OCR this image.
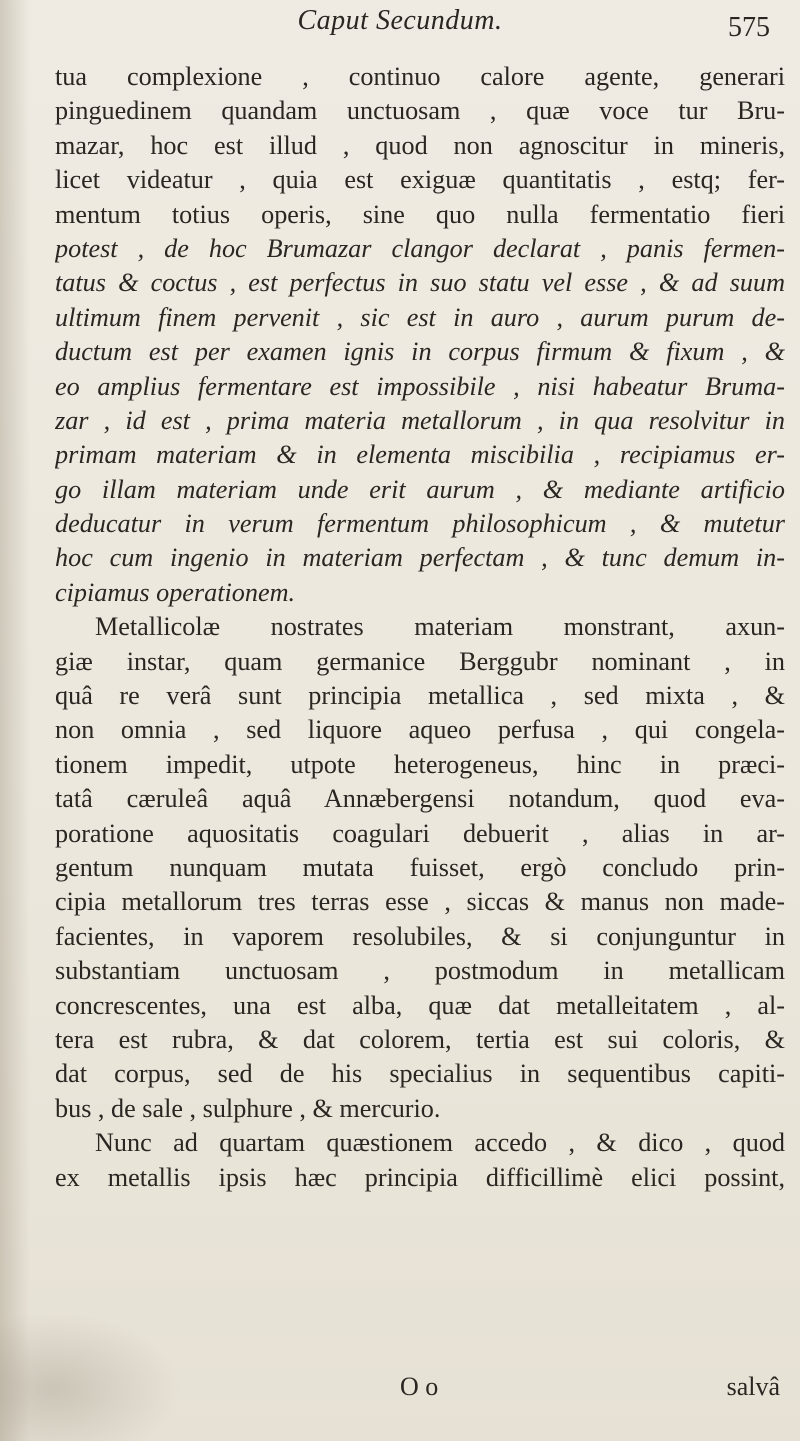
Caput Secundum.	575
tua complexione , continuo calore agente, generari
pinguedinem quandam unctuosam , quæ voce tur Bru-
mazar, hoc est illud , quod non agnoscitur in mineris,
licet videatur , quia est exiguæ quantitatis , estq; fer-
mentum totius operis, sine quo nulla fermentatio fieri
potest , de hoc Brumazar clangor declarat , panis fermen-
tatus & coctus , est perfectus in suo statu vel esse , & ad suum
ultimum finem pervenit , sic est in auro , aurum purum de-
ductum est per examen ignis in corpus firmum & fixum , &
eo amplius fermentare est impossibile , nisi habeatur Bruma-
zar , id est , prima materia metallorum , in qua resolvitur in
primam materiam & in elementa miscibilia , recipiamus er-
go illam materiam unde erit aurum , & mediante artificio
deducatur in verum fermentum philosophicum , & mutetur
hoc cum ingenio in materiam perfectam , & tunc demum in-
cipiamus operationem.
Metallicolæ nostrates materiam monstrant, axun-
giæ instar, quam germanice Berggubr nominant , in
quâ re verâ sunt principia metallica , sed mixta , &
non omnia , sed liquore aqueo perfusa , qui congela-
tionem impedit, utpote heterogeneus, hinc in præci-
tatâ cæruleâ aquâ Annæbergensi notandum, quod eva-
poratione aquositatis coagulari debuerit , alias in ar-
gentum nunquam mutata fuisset, ergò concludo prin-
cipia metallorum tres terras esse , siccas & manus non made-
facientes, in vaporem resolubiles, & si conjunguntur in
substantiam unctuosam , postmodum in metallicam
concrescentes, una est alba, quæ dat metalleitatem , al-
tera est rubra, & dat colorem, tertia est sui coloris, &
dat corpus, sed de his specialius in sequentibus capiti-
bus , de sale , sulphure , & mercurio.
Nunc ad quartam quæstionem accedo , & dico , quod
ex metallis ipsis hæc principia difficillimè elici possint,
O o	salvâ
